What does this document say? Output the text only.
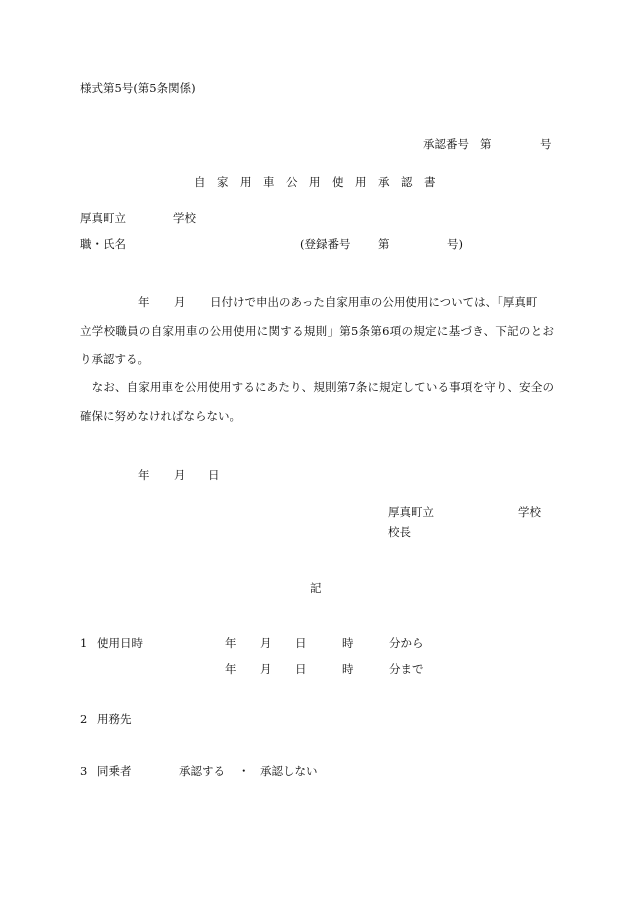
様式第5号(第5条関係)
承認番号 第	号
自　家　用　車　公　用　使　用　承　認　書
厚真町立	学校
職・氏名	(登録番号 第	号)
年 月 日付けで申出のあった自家用車の公用使用については、「厚真町
立学校職員の自家用車の公用使用に関する規則」第5条第6項の規定に基づき、下記のとお
り承認する。
　なお、自家用車を公用使用するにあたり、規則第7条に規定している事項を守り、安全の
確保に努めなければならない。
年 月 日
厚真町立	学校
校長
記
1 使用日時	年 月 日	時	分から
年 月 日	時	分まで
2 用務先
3 同乗者	承認する ・ 承認しない
